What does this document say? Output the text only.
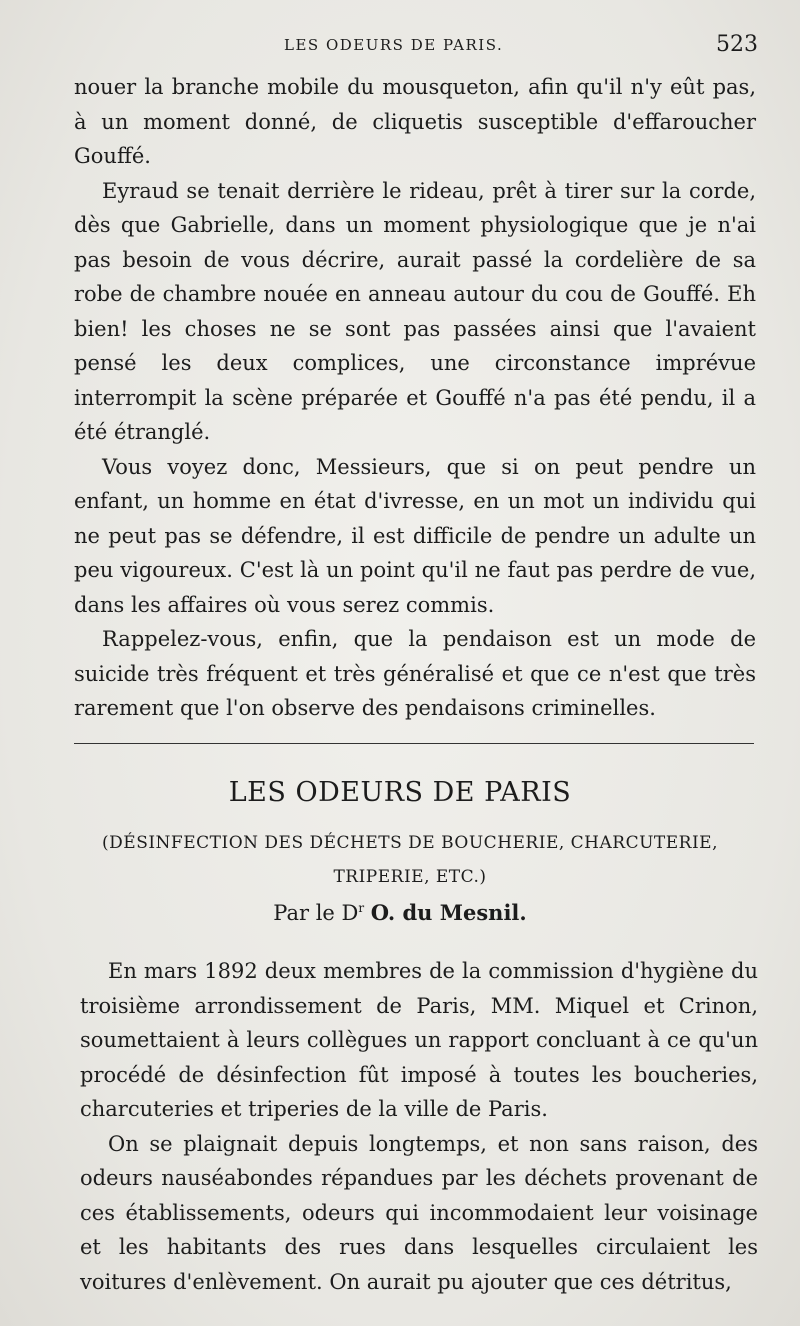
LES ODEURS DE PARIS.	523

nouer la branche mobile du mousqueton, afin qu'il n'y eût pas, à un moment donné, de cliquetis susceptible d'effaroucher Gouffé.

Eyraud se tenait derrière le rideau, prêt à tirer sur la corde, dès que Gabrielle, dans un moment physiologique que je n'ai pas besoin de vous décrire, aurait passé la cordelière de sa robe de chambre nouée en anneau autour du cou de Gouffé. Eh bien! les choses ne se sont pas passées ainsi que l'avaient pensé les deux complices, une circonstance imprévue interrompit la scène préparée et Gouffé n'a pas été pendu, il a été étranglé.

Vous voyez donc, Messieurs, que si on peut pendre un enfant, un homme en état d'ivresse, en un mot un individu qui ne peut pas se défendre, il est difficile de pendre un adulte un peu vigoureux. C'est là un point qu'il ne faut pas perdre de vue, dans les affaires où vous serez commis.

Rappelez-vous, enfin, que la pendaison est un mode de suicide très fréquent et très généralisé et que ce n'est que très rarement que l'on observe des pendaisons criminelles.

LES ODEURS DE PARIS
(DÉSINFECTION DES DÉCHETS DE BOUCHERIE, CHARCUTERIE, TRIPERIE, ETC.)
Par le $D^r$ O. du Mesnil.

En mars 1892 deux membres de la commission d'hygiène du troisième arrondissement de Paris, MM. Miquel et Crinon, soumettaient à leurs collègues un rapport concluant à ce qu'un procédé de désinfection fût imposé à toutes les boucheries, charcuteries et triperies de la ville de Paris.

On se plaignait depuis longtemps, et non sans raison, des odeurs nauséabondes répandues par les déchets provenant de ces établissements, odeurs qui incommodaient leur voisinage et les habitants des rues dans lesquelles circulaient les voitures d'enlèvement. On aurait pu ajouter que ces détritus,
